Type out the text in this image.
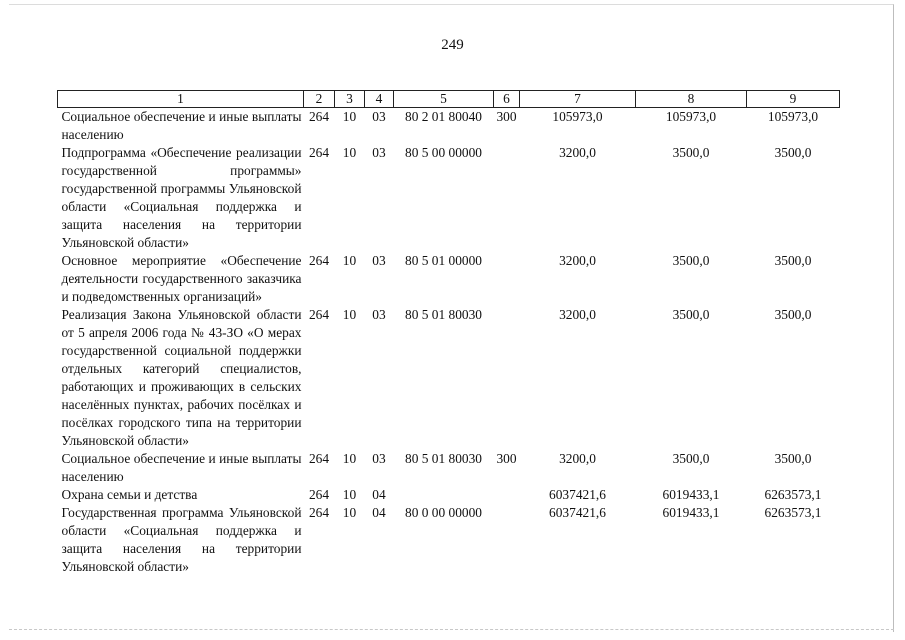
249
1	2	3	4	5	6	7	8	9
Социальное обеспечение и иные выплаты населению	264	10	03	80 2 01 80040	300	105973,0	105973,0	105973,0
Подпрограмма «Обеспечение реализации государственной программы» государственной программы Ульяновской области «Социальная поддержка и защита населения на территории Ульяновской области»	264	10	03	80 5 00 00000		3200,0	3500,0	3500,0
Основное мероприятие «Обеспечение деятельности государственного заказчика и подведомственных организаций»	264	10	03	80 5 01 00000		3200,0	3500,0	3500,0
Реализация Закона Ульяновской области от 5 апреля 2006 года № 43-ЗО «О мерах государственной социальной поддержки отдельных категорий специалистов, работающих и проживающих в сельских населённых пунктах, рабочих посёлках и посёлках городского типа на территории Ульяновской области»	264	10	03	80 5 01 80030		3200,0	3500,0	3500,0
Социальное обеспечение и иные выплаты населению	264	10	03	80 5 01 80030	300	3200,0	3500,0	3500,0
Охрана семьи и детства	264	10	04			6037421,6	6019433,1	6263573,1
Государственная программа Ульяновской области «Социальная поддержка и защита населения на территории Ульяновской области»	264	10	04	80 0 00 00000		6037421,6	6019433,1	6263573,1
